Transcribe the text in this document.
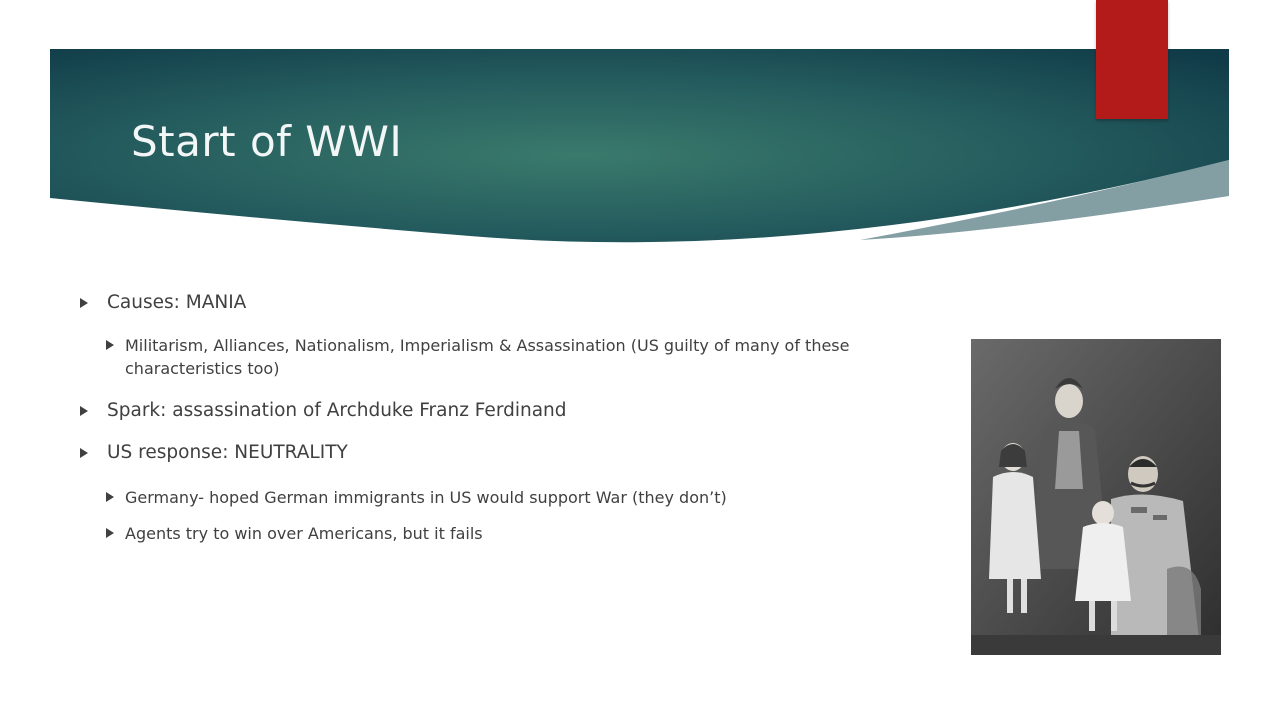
Start of WWI
Causes: MANIA
Militarism, Alliances, Nationalism, Imperialism & Assassination (US guilty of many of these characteristics too)
Spark: assassination of Archduke Franz Ferdinand
US response: NEUTRALITY
Germany- hoped German immigrants in US would support War (they don’t)
Agents try to win over Americans, but it fails
